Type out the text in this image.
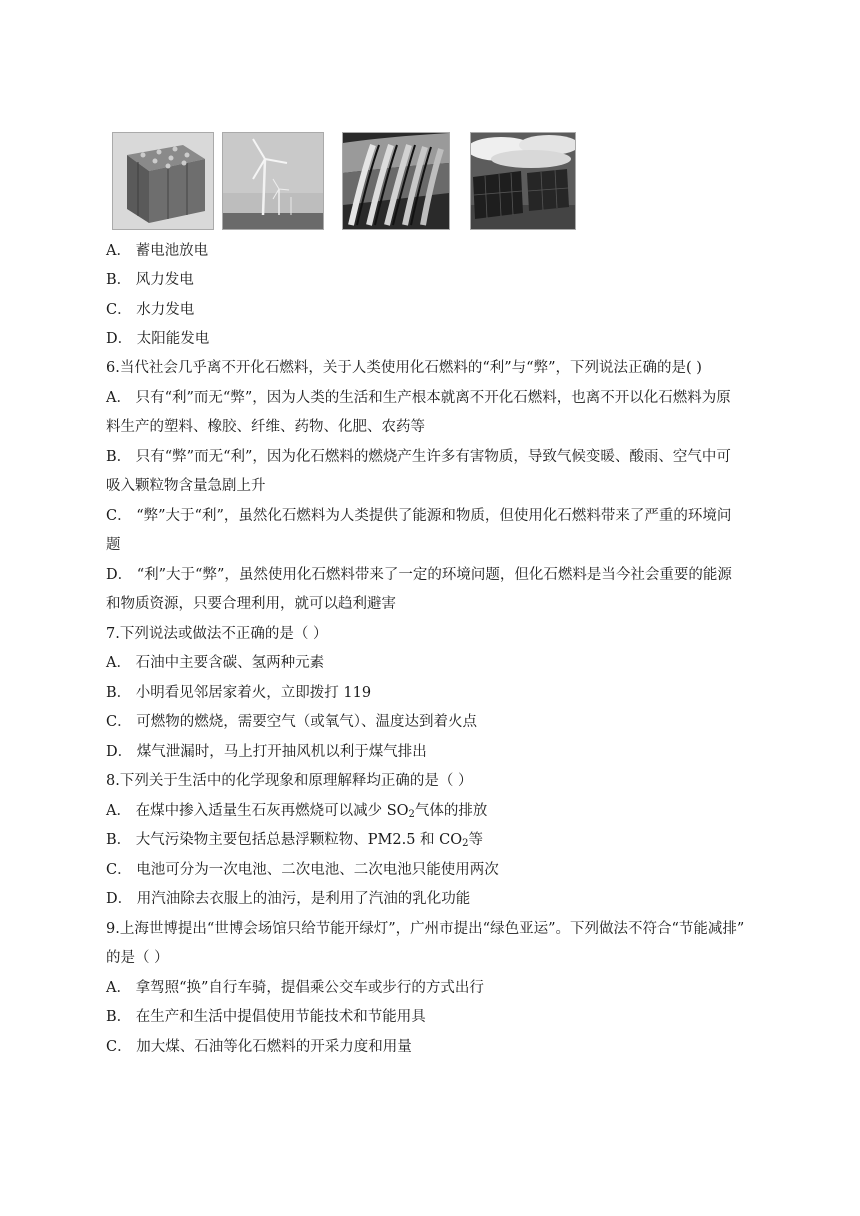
A． 蓄电池放电
B． 风力发电
C． 水力发电
D． 太阳能发电
6.当代社会几乎离不开化石燃料，关于人类使用化石燃料的“利”与“弊”，下列说法正确的是( )
A． 只有“利”而无“弊”，因为人类的生活和生产根本就离不开化石燃料，也离不开以化石燃料为原
料生产的塑料、橡胶、纤维、药物、化肥、农药等
B． 只有“弊”而无“利”，因为化石燃料的燃烧产生许多有害物质，导致气候变暖、酸雨、空气中可
吸入颗粒物含量急剧上升
C． “弊”大于“利”，虽然化石燃料为人类提供了能源和物质，但使用化石燃料带来了严重的环境问
题
D． “利”大于“弊”，虽然使用化石燃料带来了一定的环境问题，但化石燃料是当今社会重要的能源
和物质资源，只要合理利用，就可以趋利避害
7.下列说法或做法不正确的是（ ）
A． 石油中主要含碳、氢两种元素
B． 小明看见邻居家着火，立即拨打 119
C． 可燃物的燃烧，需要空气（或氧气）、温度达到着火点
D． 煤气泄漏时，马上打开抽风机以利于煤气排出
8.下列关于生活中的化学现象和原理解释均正确的是（ ）
A． 在煤中掺入适量生石灰再燃烧可以减少 $SO_2$气体的排放
B． 大气污染物主要包括总悬浮颗粒物、PM2.5 和 $CO_2$等
C． 电池可分为一次电池、二次电池、二次电池只能使用两次
D． 用汽油除去衣服上的油污，是利用了汽油的乳化功能
9.上海世博提出“世博会场馆只给节能开绿灯”，广州市提出“绿色亚运”。下列做法不符合“节能减排”
的是（ ）
A． 拿驾照“换”自行车骑，提倡乘公交车或步行的方式出行
B． 在生产和生活中提倡使用节能技术和节能用具
C． 加大煤、石油等化石燃料的开采力度和用量
